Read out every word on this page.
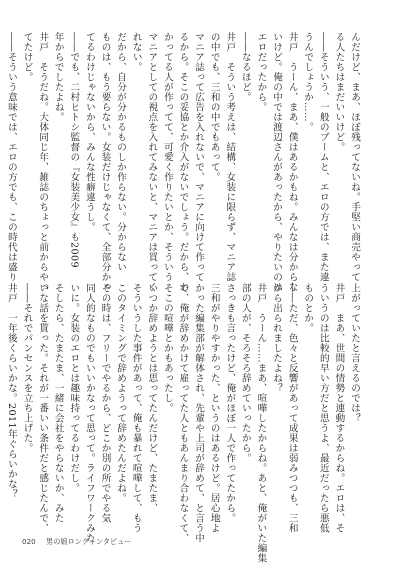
んだけど、まあ、ほぼ残ってないね。手堅い商売やって

る人たちはまだいいけど。

――そういう、一般のブームと、エロの方では、また違

うんでしょうか……。

井戸　うーん、まあ、僕はあるかもね。みんなは分からな

いけど。俺の中では渡辺さんがあったから、やりたいのは

エロだったから。

――なるほど。

井戸　そういう考えは、結構、女装に限らず、マニア誌

の中でも、三和の中でもあって。

マニア誌って広告を入れないで、マニアに向けて作って

るから。そこの妥協とか介入がないでしょう。だから、わ

かってる人が作ってて、可愛く作りたいとか、そういう

マニアとしての視点を入れてみないと、マニアは買ってく

れない。

だから、自分が分かるものしか作らない。分からない

ものは、もう要らない。女装だけじゃなくて、全部分かっ

てるわけじゃないから、みんな性癖違うし。

――でも、二村ヒトシ監督の『女装美少女』も2009

年からでしたよね。

井戸　そうだね。大体同じ年、雑誌のちょっと前からやっ

てたけど。

――そういう意味では、エロの方でも、この時代は盛り

上がっていたと言えるのでは？

井戸　まあ、世間の情勢と連動するからね。エロは、そ

ういうのは比較的早い方だと思うよ、最近だったら悪低

ものとか。

――ただ、色々と反響があって成果は弱みつつも、三和

から出られましたよね？

井戸　うーん……まあ、喧嘩したからね。あと、俺がいた編集

部の人が、そろそろ辞めていったから。

さっきも言ったけど、俺がほぼ一人で作ってたから。

三和がやりやすかった、というのはあるけど。居心地よ

かった編集部が解体され、先輩や上司が辞めて、と言う中

で、俺が辞めかけて雇ってた人ともあんまり合わなくて、

そこの喧嘩とかもあったし。

いつか辞めようとは思ってたんだけど、たまたま、

そういうした事件があって、俺も暴れて喧嘩して、もう

このタイミングで辞めようって辞めたんだよね。

その時は、フリーでやるから、どこか別の所でやる気

同人的なものでもいいかなって思って。ライフワークみた

いに。女装のエロとは趣味持ってるわけだし。

そしたら、たまたま、一緒に会社をやらないか、みた

いな話を貰った。それが一番いい条件だと感じたんで、

――それでパンセンスを立ち上げた。

井戸　一年後くらいかな。2011年ぐらいかな？

020 男の娘ロングインタビュー
